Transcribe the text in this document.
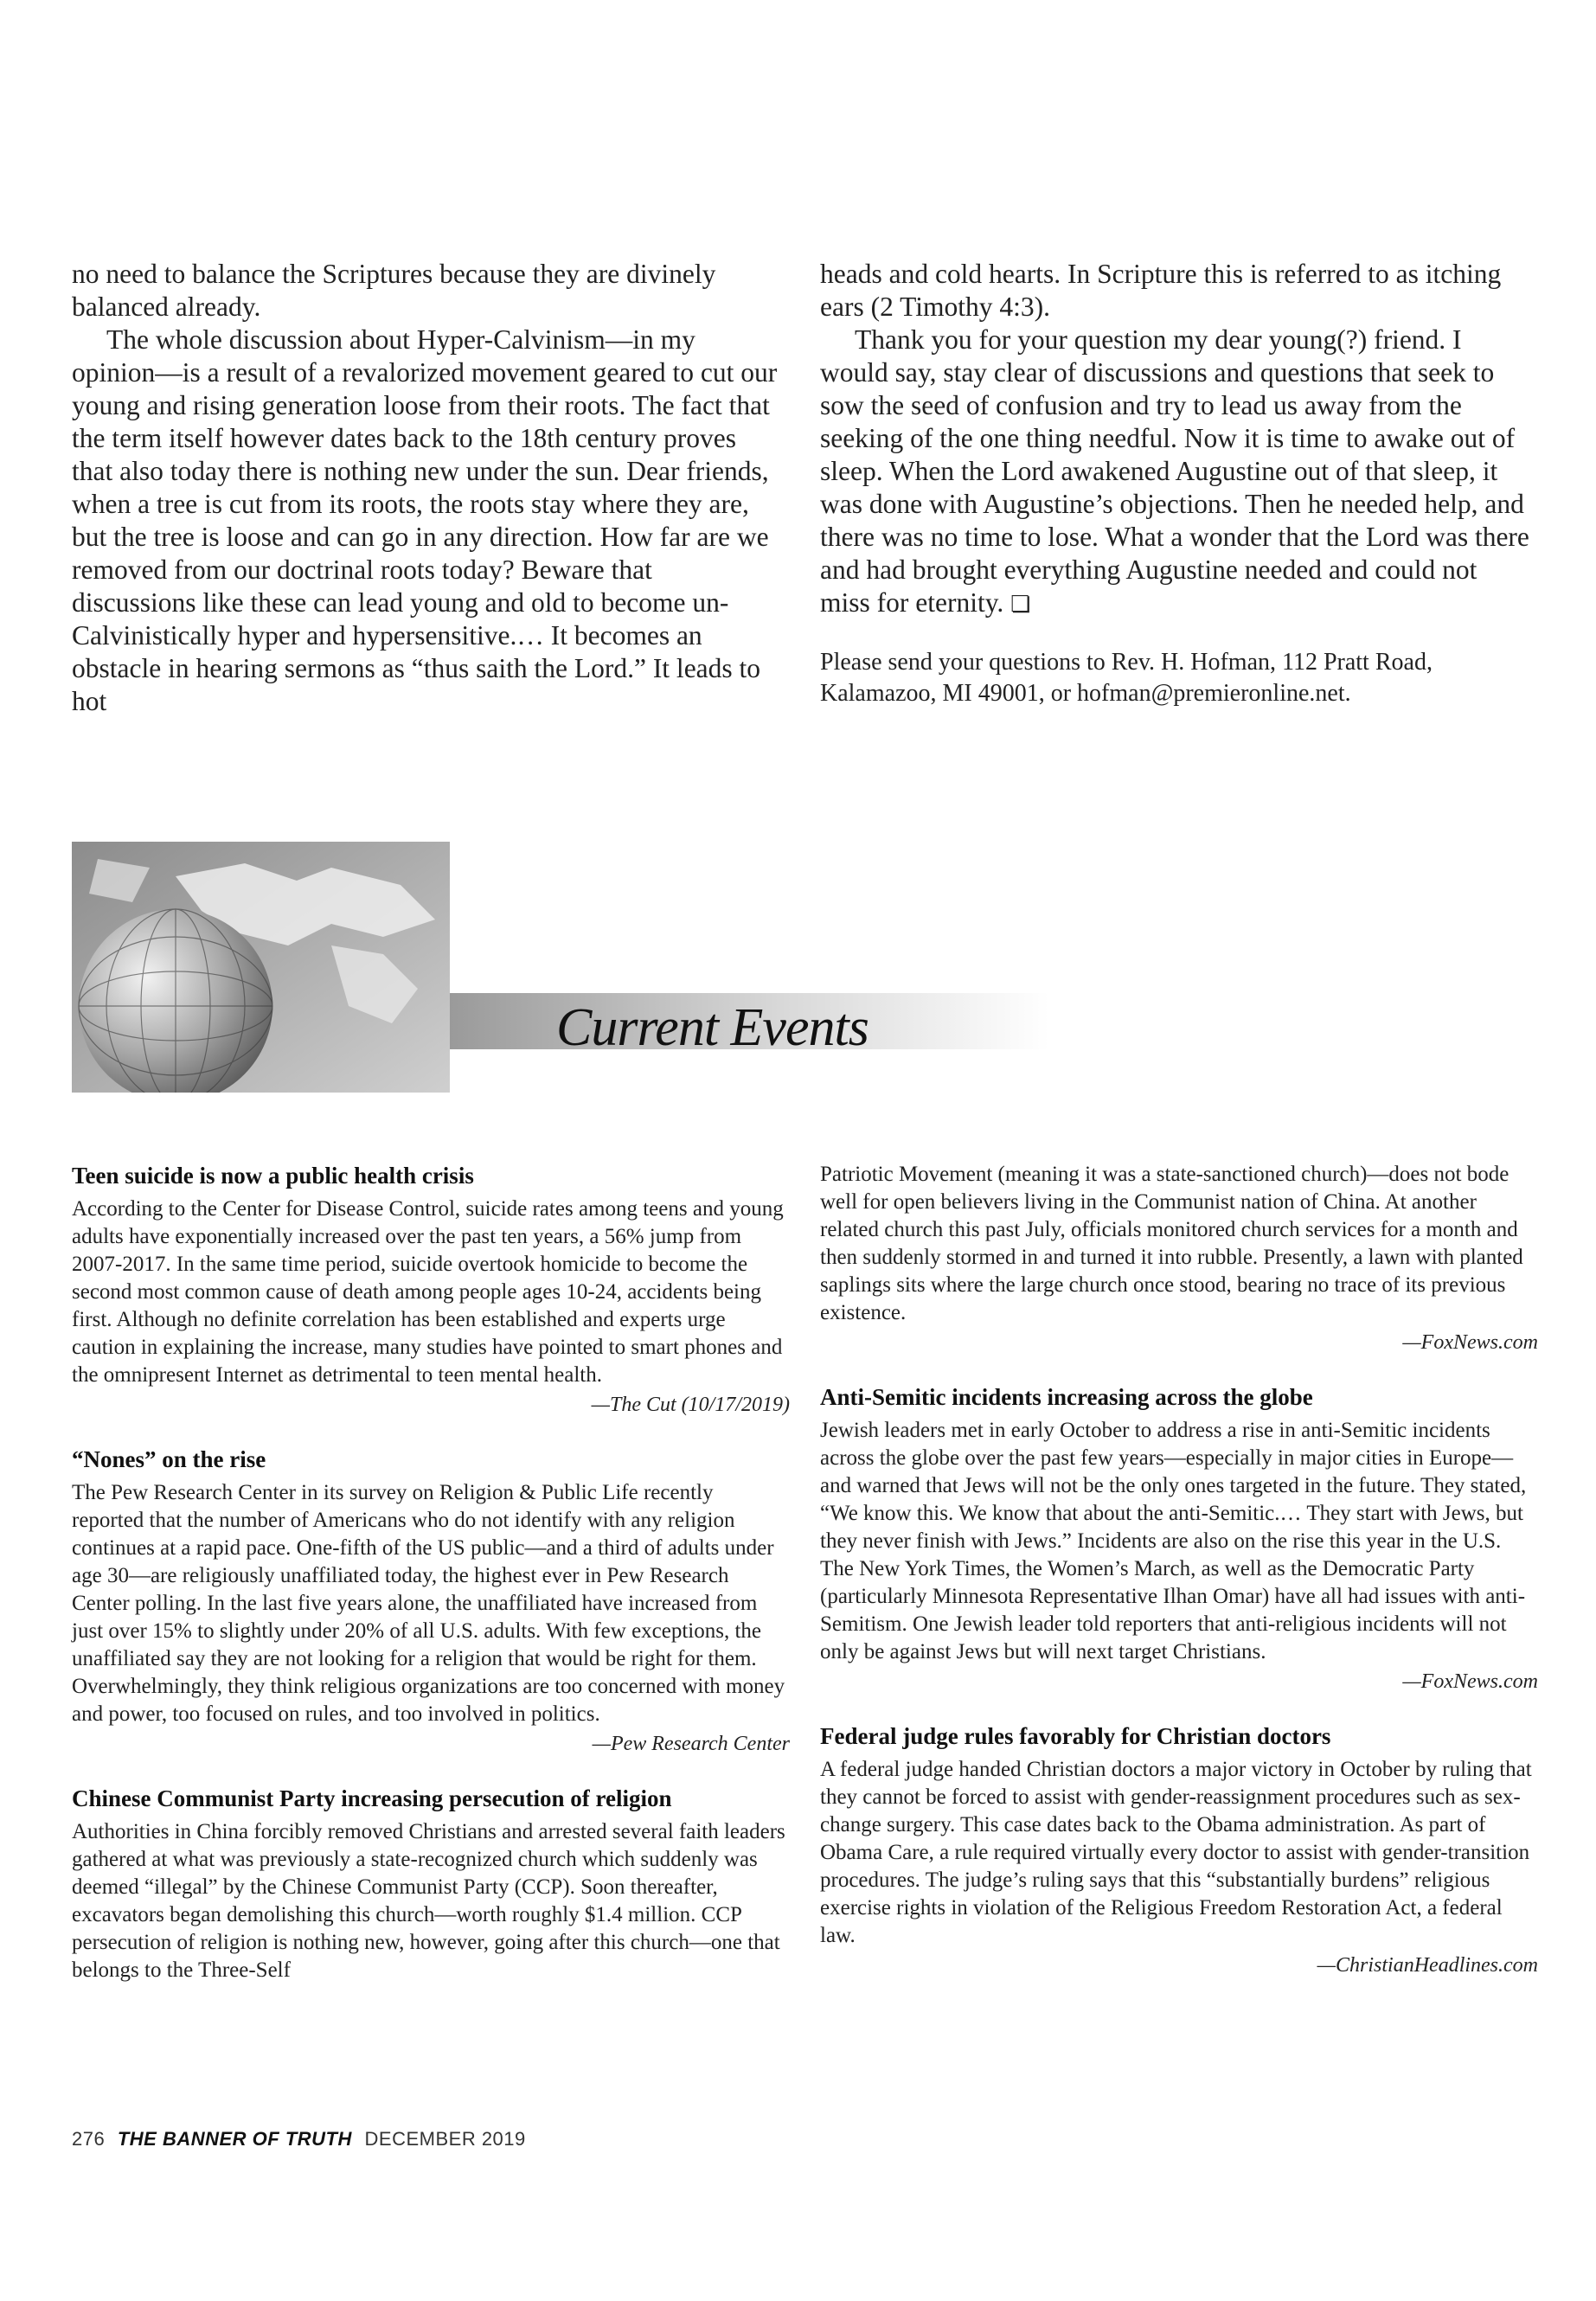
no need to balance the Scriptures because they are divinely balanced already.

The whole discussion about Hyper-Calvinism—in my opinion—is a result of a revalorized movement geared to cut our young and rising generation loose from their roots. The fact that the term itself however dates back to the 18th century proves that also today there is nothing new under the sun. Dear friends, when a tree is cut from its roots, the roots stay where they are, but the tree is loose and can go in any direction. How far are we removed from our doctrinal roots today? Beware that discussions like these can lead young and old to become un-Calvinistically hyper and hypersensitive.… It becomes an obstacle in hearing sermons as “thus saith the Lord.” It leads to hot

heads and cold hearts. In Scripture this is referred to as itching ears (2 Timothy 4:3).

Thank you for your question my dear young(?) friend. I would say, stay clear of discussions and questions that seek to sow the seed of confusion and try to lead us away from the seeking of the one thing needful. Now it is time to awake out of sleep. When the Lord awakened Augustine out of that sleep, it was done with Augustine’s objections. Then he needed help, and there was no time to lose. What a wonder that the Lord was there and had brought everything Augustine needed and could not miss for eternity. ❏

Please send your questions to Rev. H. Hofman, 112 Pratt Road, Kalamazoo, MI 49001, or hofman@premieronline.net.

Current Events
Teen suicide is now a public health crisis

According to the Center for Disease Control, suicide rates among teens and young adults have exponentially increased over the past ten years, a 56% jump from 2007-2017. In the same time period, suicide overtook homicide to become the second most common cause of death among people ages 10-24, accidents being first. Although no definite correlation has been established and experts urge caution in explaining the increase, many studies have pointed to smart phones and the omnipresent Internet as detrimental to teen mental health.

—The Cut (10/17/2019)
“Nones” on the rise

The Pew Research Center in its survey on Religion & Public Life recently reported that the number of Americans who do not identify with any religion continues at a rapid pace. One-fifth of the US public—and a third of adults under age 30—are religiously unaffiliated today, the highest ever in Pew Research Center polling. In the last five years alone, the unaffiliated have increased from just over 15% to slightly under 20% of all U.S. adults. With few exceptions, the unaffiliated say they are not looking for a religion that would be right for them. Overwhelmingly, they think religious organizations are too concerned with money and power, too focused on rules, and too involved in politics.

—Pew Research Center
Chinese Communist Party increasing persecution of religion

Authorities in China forcibly removed Christians and arrested several faith leaders gathered at what was previously a state-recognized church which suddenly was deemed “illegal” by the Chinese Communist Party (CCP). Soon thereafter, excavators began demolishing this church—worth roughly $1.4 million. CCP persecution of religion is nothing new, however, going after this church—one that belongs to the Three-Self

Patriotic Movement (meaning it was a state-sanctioned church)—does not bode well for open believers living in the Communist nation of China. At another related church this past July, officials monitored church services for a month and then suddenly stormed in and turned it into rubble. Presently, a lawn with planted saplings sits where the large church once stood, bearing no trace of its previous existence.

—FoxNews.com
Anti-Semitic incidents increasing across the globe

Jewish leaders met in early October to address a rise in anti-Semitic incidents across the globe over the past few years—especially in major cities in Europe—and warned that Jews will not be the only ones targeted in the future. They stated, “We know this. We know that about the anti-Semitic.… They start with Jews, but they never finish with Jews.” Incidents are also on the rise this year in the U.S. The New York Times, the Women’s March, as well as the Democratic Party (particularly Minnesota Representative Ilhan Omar) have all had issues with anti-Semitism. One Jewish leader told reporters that anti-religious incidents will not only be against Jews but will next target Christians.

—FoxNews.com
Federal judge rules favorably for Christian doctors

A federal judge handed Christian doctors a major victory in October by ruling that they cannot be forced to assist with gender-reassignment procedures such as sex-change surgery. This case dates back to the Obama administration. As part of Obama Care, a rule required virtually every doctor to assist with gender-transition procedures. The judge’s ruling says that this “substantially burdens” religious exercise rights in violation of the Religious Freedom Restoration Act, a federal law.

—ChristianHeadlines.com
276 THE BANNER OF TRUTH DECEMBER 2019
